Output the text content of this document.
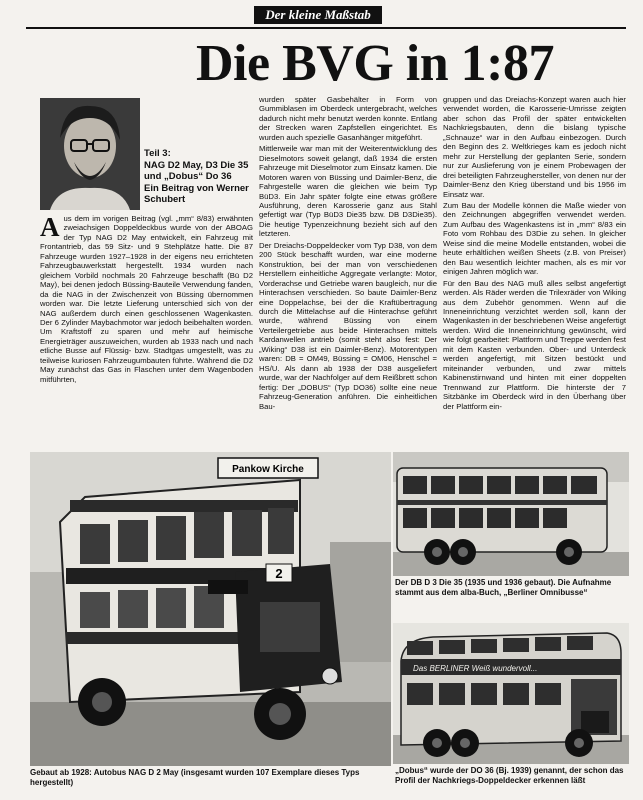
Der kleine Maßstab
Die BVG in 1:87
Teil 3:
NAG D2 May, D3 Die 35 und „Dobus“ Do 36
Ein Beitrag von Werner Schubert

Aus dem im vorigen Beitrag (vgl. „mm“ 8/83) erwähnten zweiachsigen Doppeldeckbus wurde von der ABOAG der Typ NAG D2 May entwickelt, ein Fahrzeug mit Frontantrieb, das 59 Sitz- und 9 Stehplätze hatte. Die 87 Fahrzeuge wurden 1927–1928 in der eigens neu errichteten Fahrzeugbauwerkstatt hergestellt. 1934 wurden nach gleichem Vorbild nochmals 20 Fahrzeuge beschafft (Bü D2 May), bei denen jedoch Büssing-Bauteile Verwendung fanden, da die NAG in der Zwischenzeit von Büssing übernommen worden war. Die letzte Lieferung unterschied sich von der NAG außerdem durch einen geschlossenen Wagenkasten. Der 6 Zylinder Maybachmotor war jedoch beibehalten worden. Um Kraftstoff zu sparen und mehr auf heimische Energieträger auszuweichen, wurden ab 1933 nach und nach etliche Busse auf Flüssig- bzw. Stadtgas umgestellt, was zu teilweise kuriosen Fahrzeugumbauten führte. Während die D2 May zunächst das Gas in Flaschen unter dem Wagenboden mitführten,

wurden später Gasbehälter in Form von Gummiblasen im Oberdeck untergebracht, welches dadurch nicht mehr benutzt werden konnte. Entlang der Strecken waren Zapfstellen eingerichtet. Es wurden auch spezielle Gasanhänger mitgeführt.

Mittlerweile war man mit der Weiterentwicklung des Dieselmotors soweit gelangt, daß 1934 die ersten Fahrzeuge mit Dieselmotor zum Einsatz kamen. Die Motoren waren von Büssing und Daimler-Benz, die Fahrgestelle waren die gleichen wie beim Typ BüD3. Ein Jahr später folgte eine etwas größere Ausführung, deren Karosserie ganz aus Stahl gefertigt war (Typ BüD3 Die35 bzw. DB D3Die35). Die heutige Typenzeichnung bezieht sich auf den letzteren.

Der Dreiachs-Doppeldecker vom Typ D38, von dem 200 Stück beschafft wurden, war eine moderne Konstruktion, bei der man von verschiedenen Herstellern einheitliche Aggregate verlangte: Motor, Vorderachse und Getriebe waren baugleich, nur die Hinterachsen verschieden. So baute Daimler-Benz eine Doppelachse, bei der die Kraftübertragung durch die Mittelachse auf die Hinterachse geführt wurde, während Büssing von einem Verteilergetriebe aus beide Hinterachsen mittels Kardanwellen antrieb (somit steht also fest: Der „Wiking“ D38 ist ein Daimler-Benz). Motorentypen waren: DB = OM49, Büssing = OM06, Henschel = HS/U. Als dann ab 1938 der D38 ausgeliefert wurde, war der Nachfolger auf dem Reißbrett schon fertig: Der „DOBUS“ (Typ DO36) sollte eine neue Fahrzeug-Generation anführen. Die einheitlichen Bau-

gruppen und das Dreiachs-Konzept waren auch hier verwendet worden, die Karosserie-Umrisse zeigten aber schon das Profil der später entwickelten Nachkriegsbauten, denn die bislang typische „Schnauze“ war in den Aufbau einbezogen. Durch den Beginn des 2. Weltkrieges kam es jedoch nicht mehr zur Herstellung der geplanten Serie, sondern nur zur Auslieferung von je einem Probewagen der drei beteiligten Fahrzeughersteller, von denen nur der Daimler-Benz den Krieg überstand und bis 1956 im Einsatz war.

Zum Bau der Modelle können die Maße wieder von den Zeichnungen abgegriffen verwendet werden. Zum Aufbau des Wagenkastens ist in „mm“ 8/83 ein Foto vom Rohbau des D3Die zu sehen. In gleicher Weise sind die meine Modelle entstanden, wobei die heute erhältlichen weißen Sheets (z.B. von Preiser) den Bau wesentlich leichter machen, als es mir vor einigen Jahren möglich war.

Für den Bau des NAG muß alles selbst angefertigt werden. Als Räder werden die Trilexräder von Wiking aus dem Zubehör genommen. Wenn auf die Inneneinrichtung verzichtet werden soll, kann der Wagenkasten in der beschriebenen Weise angefertigt werden. Wird die Inneneinrichtung gewünscht, wird wie folgt gearbeitet: Plattform und Treppe werden fest mit dem Kasten verbunden. Ober- und Unterdeck werden angefertigt, mit Sitzen bestückt und miteinander verbunden, und zwar mittels Kabinenstirnwand und hinten mit einer doppelten Trennwand zur Plattform. Die hinterste der 7 Sitzbänke im Oberdeck wird in den Überhang über der Plattform ein-

Pankow Kirche
2
Gebaut ab 1928: Autobus NAG D 2 May (insgesamt wurden 107 Exemplare dieses Typs hergestellt)
Der DB D 3 Die 35 (1935 und 1936 gebaut). Die Aufnahme stammt aus dem alba-Buch, „Berliner Omnibusse“
Das BERLINER Weiß wundervoll...
„Dobus“ wurde der DO 36 (Bj. 1939) genannt, der schon das Profil der Nachkriegs-Doppeldecker erkennen läßt
